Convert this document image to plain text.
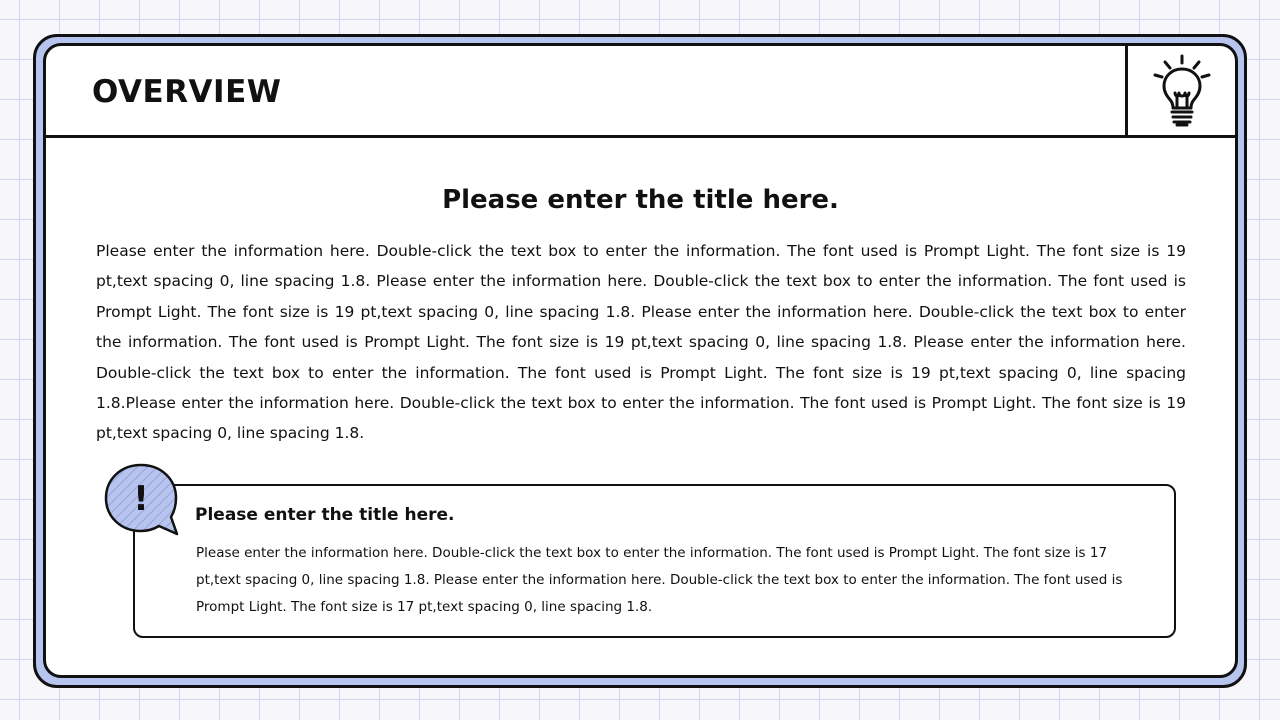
OVERVIEW
Please enter the title here.

Please enter the information here. Double-click the text box to enter the information. The font used is Prompt Light. The font size is 19 pt,text spacing 0, line spacing 1.8. Please enter the information here. Double-click the text box to enter the information. The font used is Prompt Light. The font size is 19 pt,text spacing 0, line spacing 1.8. Please enter the information here. Double-click the text box to enter the information. The font used is Prompt Light. The font size is 19 pt,text spacing 0, line spacing 1.8. Please enter the information here. Double-click the text box to enter the information. The font used is Prompt Light. The font size is 19 pt,text spacing 0, line spacing 1.8.Please enter the information here. Double-click the text box to enter the information. The font used is Prompt Light. The font size is 19 pt,text spacing 0, line spacing 1.8.

Please enter the title here.

Please enter the information here. Double-click the text box to enter the information. The font used is Prompt Light. The font size is 17 pt,text spacing 0, line spacing 1.8. Please enter the information here. Double-click the text box to enter the information. The font used is Prompt Light. The font size is 17 pt,text spacing 0, line spacing 1.8.

!
